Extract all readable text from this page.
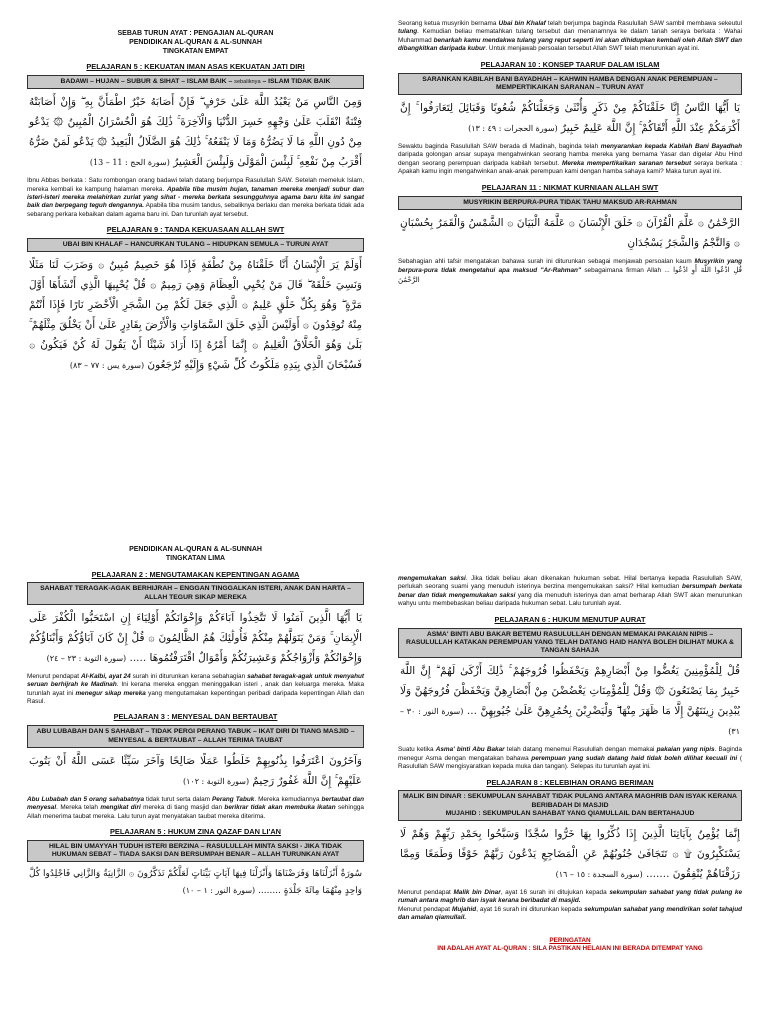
SEBAB TURUN AYAT : PENGAJIAN AL-QURAN
PENDIDIKAN AL-QURAN & AL-SUNNAH
TINGKATAN EMPAT
PELAJARAN 5 : KEKUATAN IMAN ASAS KEKUATAN JATI DIRI
BADAWI – HUJAN – SUBUR & SIHAT – ISLAM BAIK – sebaliknya – ISLAM TIDAK BAIK
وَمِنَ النَّاسِ مَنْ يَعْبُدُ اللَّهَ عَلَىٰ حَرْفٍ ۖ فَإِنْ أَصَابَهُ خَيْرٌ اطْمَأَنَّ بِهِ ۖ وَإِنْ أَصَابَتْهُ فِتْنَةٌ انْقَلَبَ عَلَىٰ وَجْهِهِ خَسِرَ الدُّنْيَا وَالْآخِرَةَ ۚ ذَٰلِكَ هُوَ الْخُسْرَانُ الْمُبِينُ ۞ يَدْعُو مِنْ دُونِ اللَّهِ مَا لَا يَضُرُّهُ وَمَا لَا يَنْفَعُهُ ۚ ذَٰلِكَ هُوَ الضَّلَالُ الْبَعِيدُ ۞ يَدْعُو لَمَنْ ضَرُّهُ أَقْرَبُ مِنْ نَفْعِهِ ۚ لَبِئْسَ الْمَوْلَىٰ وَلَبِئْسَ الْعَشِيرُ (سورة الحج : 11 – 13)
Ibnu Abbas berkata : Satu rombongan orang badawi telah datang berjumpa Rasulullah SAW. Setelah memeluk Islam, mereka kembali ke kampung halaman mereka. Apabila tiba musim hujan, tanaman mereka menjadi subur dan isteri-isteri mereka melahirkan zuriat yang sihat - mereka berkata sesungguhnya agama baru kita ini sangat baik dan berpegang teguh dengannya. Apabila tiba musim tandus, sebaliknya berlaku dan mereka berkata tidak ada sebarang perkara kebaikan dalam agama baru ini. Dan turunlah ayat tersebut.
PELAJARAN 9 : TANDA KEKUASAAN ALLAH SWT
UBAI BIN KHALAF – HANCURKAN TULANG – HIDUPKAN SEMULA – TURUN AYAT
أَوَلَمْ يَرَ الْإِنْسَانُ أَنَّا خَلَقْنَاهُ مِنْ نُطْفَةٍ فَإِذَا هُوَ خَصِيمٌ مُبِينٌ ۞ وَضَرَبَ لَنَا مَثَلًا وَنَسِيَ خَلْقَهُ ۖ قَالَ مَنْ يُحْيِي الْعِظَامَ وَهِيَ رَمِيمٌ ۞ قُلْ يُحْيِيهَا الَّذِي أَنْشَأَهَا أَوَّلَ مَرَّةٍ ۖ وَهُوَ بِكُلِّ خَلْقٍ عَلِيمٌ ۞ الَّذِي جَعَلَ لَكُمْ مِنَ الشَّجَرِ الْأَخْضَرِ نَارًا فَإِذَا أَنْتُمْ مِنْهُ تُوقِدُونَ ۞ أَوَلَيْسَ الَّذِي خَلَقَ السَّمَاوَاتِ وَالْأَرْضَ بِقَادِرٍ عَلَىٰ أَنْ يَخْلُقَ مِثْلَهُمْ ۚ بَلَىٰ وَهُوَ الْخَلَّاقُ الْعَلِيمُ ۞ إِنَّمَا أَمْرُهُ إِذَا أَرَادَ شَيْئًا أَنْ يَقُولَ لَهُ كُنْ فَيَكُونُ ۞ فَسُبْحَانَ الَّذِي بِيَدِهِ مَلَكُوتُ كُلِّ شَيْءٍ وَإِلَيْهِ تُرْجَعُونَ (سورة يس : ٧٧ – ٨٣)
Seorang ketua musyrikin bernama Ubai bin Khalaf telah berjumpa baginda Rasulullah SAW sambil membawa sekeutul tulang. Kemudian beliau mematahkan tulang tersebut dan menanamnya ke dalam tanah seraya berkata : Wahai Muhammad benarkah kamu mendakwa tulang yang reput seperti ini akan dihidupkan kembali oleh Allah SWT dan dibangkitkan daripada kubur. Untuk menjawab persoalan tersebut Allah SWT telah menurunkan ayat ini.
PELAJARAN 10 : KONSEP TAARUF DALAM ISLAM
SARANKAN KABILAH BANI BAYADHAH – KAHWIN HAMBA DENGAN ANAK PEREMPUAN – MEMPERTIKAIKAN SARANAN – TURUN AYAT
يَا أَيُّهَا النَّاسُ إِنَّا خَلَقْنَاكُمْ مِنْ ذَكَرٍ وَأُنْثَىٰ وَجَعَلْنَاكُمْ شُعُوبًا وَقَبَائِلَ لِتَعَارَفُوا ۚ إِنَّ أَكْرَمَكُمْ عِنْدَ اللَّهِ أَتْقَاكُمْ ۚ إِنَّ اللَّهَ عَلِيمٌ خَبِيرٌ (سورة الحجرات : ٤٩ : ١٣)
Sewaktu baginda Rasulullah SAW berada di Madinah, baginda telah menyarankan kepada Kabilah Bani Bayadhah daripada golongan ansar supaya mengahwinkan seorang hamba mereka yang bernama Yasar dan digelar Abu Hind dengan seorang perempuan daripada kabilah tersebut. Mereka mempertikaikan saranan tersebut seraya berkata : Apakah kamu ingin mengahwinkan anak-anak perempuan kami dengan hamba sahaya kami? Maka turun ayat ini.
PELAJARAN 11 : NIKMAT KURNIAAN ALLAH SWT
MUSYRIKIN BERPURA-PURA TIDAK TAHU MAKSUD AR-RAHMAN
الرَّحْمَٰنُ ۞ عَلَّمَ الْقُرْآنَ ۞ خَلَقَ الْإِنْسَانَ ۞ عَلَّمَهُ الْبَيَانَ ۞ الشَّمْسُ وَالْقَمَرُ بِحُسْبَانٍ ۞ وَالنَّجْمُ وَالشَّجَرُ يَسْجُدَانِ
Sebahagian ahli tafsir mengatakan bahawa surah ini diturunkan sebagai menjawab persoalan kaum Musyrikin yang berpura-pura tidak mengetahui apa maksud "Ar-Rahman" sebagaimana firman Allah ... قُلِ ادْعُوا اللَّهَ أَوِ ادْعُوا الرَّحْمَٰنَ
PENDIDIKAN AL-QURAN & AL-SUNNAH
TINGKATAN LIMA
PELAJARAN 2 : MENGUTAMAKAN KEPENTINGAN AGAMA
SAHABAT TERAGAK-AGAK BERHIJRAH – ENGGAN TINGGALKAN ISTERI, ANAK DAN HARTA – ALLAH TEGUR SIKAP MEREKA
يَا أَيُّهَا الَّذِينَ آمَنُوا لَا تَتَّخِذُوا آبَاءَكُمْ وَإِخْوَانَكُمْ أَوْلِيَاءَ إِنِ اسْتَحَبُّوا الْكُفْرَ عَلَى الْإِيمَانِ ۚ وَمَنْ يَتَوَلَّهُمْ مِنْكُمْ فَأُولَٰئِكَ هُمُ الظَّالِمُونَ ۞ قُلْ إِنْ كَانَ آبَاؤُكُمْ وَأَبْنَاؤُكُمْ وَإِخْوَانُكُمْ وَأَزْوَاجُكُمْ وَعَشِيرَتُكُمْ وَأَمْوَالٌ اقْتَرَفْتُمُوهَا ..... (سورة التوبة : ٢٣ – ٢٤)
Menurut pendapat Al-Kalbi, ayat 24 surah ini diturunkan kerana sebahagian sahabat teragak-agak untuk menyahut seruan berhijrah ke Madinah. Ini kerana mereka enggan meninggalkan isteri , anak dan keluarga mereka. Maka turunlah ayat ini menegur sikap mereka yang mengutamakan kepentingan peribadi daripada kepentingan Allah dan Rasul.
PELAJARAN 3 : MENYESAL DAN BERTAUBAT
ABU LUBABAH DAN 5 SAHABAT – TIDAK PERGI PERANG TABUK – IKAT DIRI DI TIANG MASJID – MENYESAL & BERTAUBAT – ALLAH TERIMA TAUBAT
وَآخَرُونَ اعْتَرَفُوا بِذُنُوبِهِمْ خَلَطُوا عَمَلًا صَالِحًا وَآخَرَ سَيِّئًا عَسَى اللَّهُ أَنْ يَتُوبَ عَلَيْهِمْ ۚ إِنَّ اللَّهَ غَفُورٌ رَحِيمٌ (سورة التوبة : ١٠٢)
Abu Lubabah dan 5 orang sahabatnya tidak turut serta dalam Perang Tabuk. Mereka kemudiannya bertaubat dan menyesal. Mereka telah mengikat diri mereka di tiang masjid dan berikrar tidak akan membuka ikatan sehingga Allah menerima taubat mereka. Lalu turun ayat menyatakan taubat mereka diterima.
PELAJARAN 5 : HUKUM ZINA QAZAF DAN LI'AN
HILAL BIN UMAYYAH TUDUH ISTERI BERZINA – RASULULLAH MINTA SAKSI - JIKA TIDAK HUKUMAN SEBAT – TIADA SAKSI DAN BERSUMPAH BENAR – ALLAH TURUNKAN AYAT
سُورَةٌ أَنْزَلْنَاهَا وَفَرَضْنَاهَا وَأَنْزَلْنَا فِيهَا آيَاتٍ بَيِّنَاتٍ لَعَلَّكُمْ تَذَكَّرُونَ ۞ الزَّانِيَةُ وَالزَّانِي فَاجْلِدُوا كُلَّ وَاحِدٍ مِنْهُمَا مِائَةَ جَلْدَةٍ ........ (سورة النور : ١ – ١٠)
mengemukakan saksi. Jika tidak beliau akan dikenakan hukuman sebat. Hilal bertanya kepada Rasulullah SAW, perlukah seorang suami yang menuduh isterinya berzina mengemukakan saksi? Hilal kemudian bersumpah berkata benar dan tidak mengemukakan saksi yang dia menuduh isterinya dan amat berharap Allah SWT akan menurunkan wahyu untu membebaskan beliau daripada hukuman sebat. Lalu turunlah ayat.
PELAJARAN 6 : HUKUM MENUTUP AURAT
ASMA' BINTI ABU BAKAR BETEMU RASULULLAH DENGAN MEMAKAI PAKAIAN NIPIS – RASULULLAH KATAKAN PEREMPUAN YANG TELAH DATANG HAID HANYA BOLEH DILIHAT MUKA & TANGAN SAHAJA
قُلْ لِلْمُؤْمِنِينَ يَغُضُّوا مِنْ أَبْصَارِهِمْ وَيَحْفَظُوا فُرُوجَهُمْ ۚ ذَٰلِكَ أَزْكَىٰ لَهُمْ ۗ إِنَّ اللَّهَ خَبِيرٌ بِمَا يَصْنَعُونَ ۞ وَقُلْ لِلْمُؤْمِنَاتِ يَغْضُضْنَ مِنْ أَبْصَارِهِنَّ وَيَحْفَظْنَ فُرُوجَهُنَّ وَلَا يُبْدِينَ زِينَتَهُنَّ إِلَّا مَا ظَهَرَ مِنْهَا ۖ وَلْيَضْرِبْنَ بِخُمُرِهِنَّ عَلَىٰ جُيُوبِهِنَّ ... (سورة النور : ٣٠ – ٣١)
Suatu ketika Asma' binti Abu Bakar telah datang menemui Rasulullah dengan memakai pakaian yang nipis. Baginda menegur Asma dengan mengatakan bahawa perempuan yang sudah datang haid tidak boleh dilihat kecuali ini ( Rasulullah SAW mengisyaratkan kepada muka dan tangan). Selepas itu turunlah ayat ini.
PELAJARAN 8 : KELEBIHAN ORANG BERIMAN
MALIK BIN DINAR : SEKUMPULAN SAHABAT TIDAK PULANG ANTARA MAGHRIB DAN ISYAK KERANA BERIBADAH DI MASJID
MUJAHID : SEKUMPULAN SAHABAT YANG QIAMULLAIL DAN BERTAHAJUD
إِنَّمَا يُؤْمِنُ بِآيَاتِنَا الَّذِينَ إِذَا ذُكِّرُوا بِهَا خَرُّوا سُجَّدًا وَسَبَّحُوا بِحَمْدِ رَبِّهِمْ وَهُمْ لَا يَسْتَكْبِرُونَ ۩ ۞ تَتَجَافَىٰ جُنُوبُهُمْ عَنِ الْمَضَاجِعِ يَدْعُونَ رَبَّهُمْ خَوْفًا وَطَمَعًا وَمِمَّا رَزَقْنَاهُمْ يُنْفِقُونَ ....... (سورة السجدة : ١٥ – ١٦)
Menurut pendapat Malik bin Dinar, ayat 16 surah ini ditujukan kepada sekumpulan sahabat yang tidak pulang ke rumah antara maghrib dan isyak kerana beribadat di masjid.
Menurut pendapat Mujahid, ayat 16 surah ini diturunkan kepada sekumpulan sahabat yang mendirikan solat tahajud dan amalan qiamullail.
PERINGATAN
INI ADALAH AYAT AL-QURAN : SILA PASTIKAN HELAIAN INI BERADA DITEMPAT YANG
